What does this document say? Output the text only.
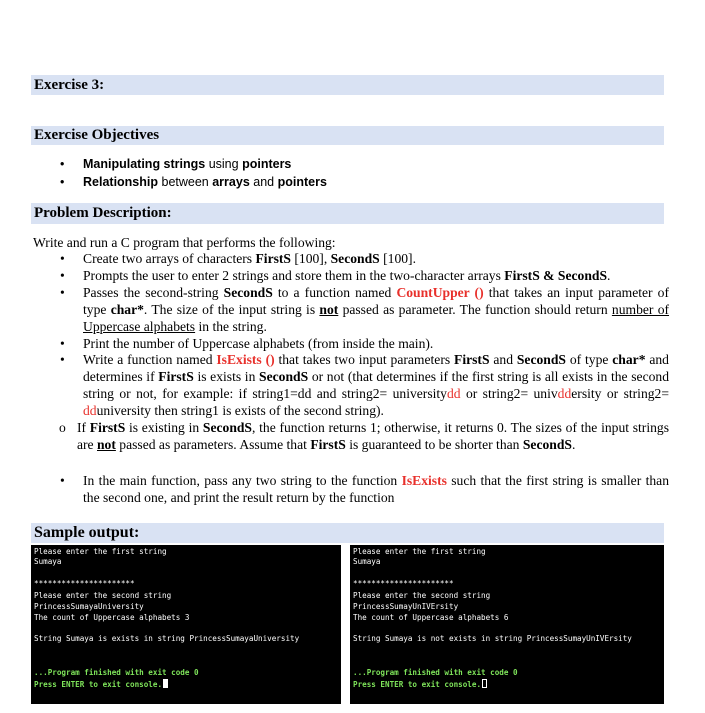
Exercise 3:
Exercise Objectives
• Manipulating strings using pointers
• Relationship between arrays and pointers
Problem Description:
Write and run a C program that performs the following:
• Create two arrays of characters FirstS [100], SecondS [100].
• Prompts the user to enter 2 strings and store them in the two-character arrays FirstS & SecondS.
• Passes the second-string SecondS to a function named CountUpper () that takes an input parameter of type char*. The size of the input string is not passed as parameter. The function should return number of Uppercase alphabets in the string.
• Print the number of Uppercase alphabets (from inside the main).
• Write a function named IsExists () that takes two input parameters FirstS and SecondS of type char* and determines if FirstS is exists in SecondS or not (that determines if the first string is all exists in the second string or not, for example: if string1=dd and string2= universitydd or string2= univddersity or string2= dduniversity then string1 is exists of the second string).
o If FirstS is existing in SecondS, the function returns 1; otherwise, it returns 0. The sizes of the input strings are not passed as parameters. Assume that FirstS is guaranteed to be shorter than SecondS.
• In the main function, pass any two string to the function IsExists such that the first string is smaller than the second one, and print the result return by the function
Sample output:
Please enter the first string
Sumaya
**********************
Please enter the second string
PrincessSumayaUniversity
The count of Uppercase alphabets 3
String Sumaya is exists in string PrincessSumayaUniversity
...Program finished with exit code 0
Press ENTER to exit console.
Please enter the first string
Sumaya
**********************
Please enter the second string
PrincessSumayUnIVErsity
The count of Uppercase alphabets 6
String Sumaya is not exists in string PrincessSumayUnIVErsity
...Program finished with exit code 0
Press ENTER to exit console.
